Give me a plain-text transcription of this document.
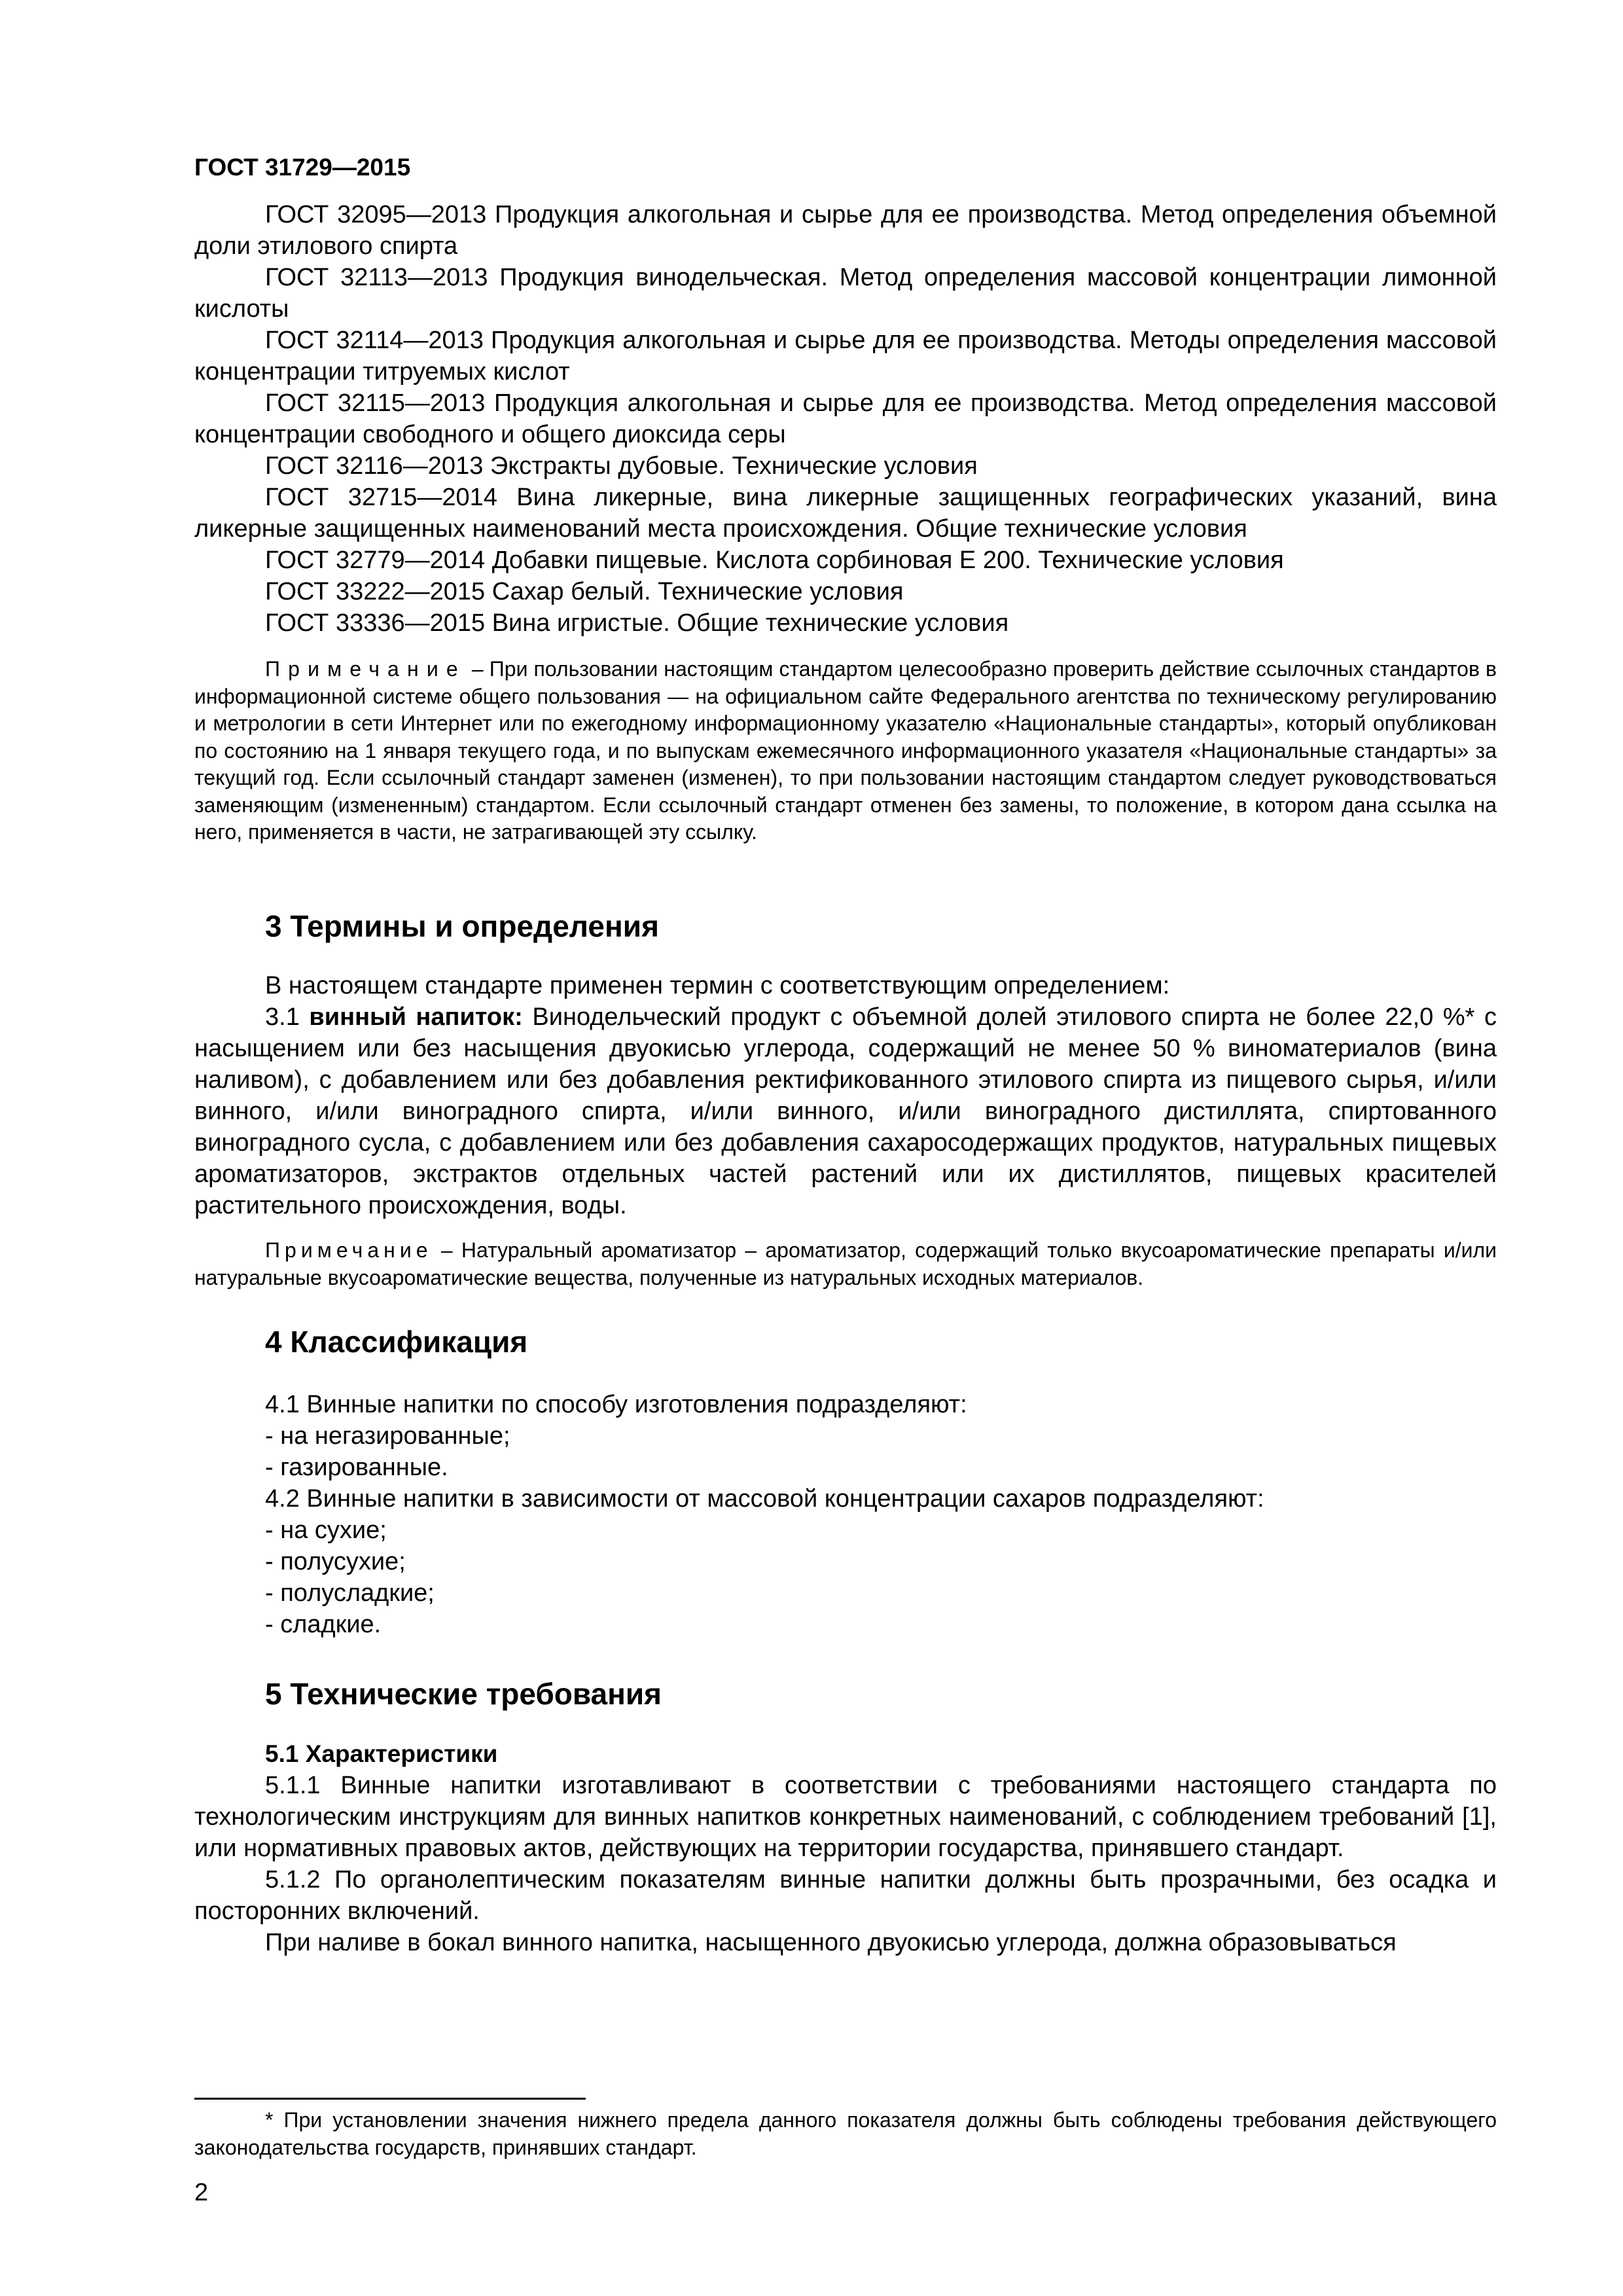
ГОСТ 31729—2015

ГОСТ 32095—2013 Продукция алкогольная и сырье для ее производства. Метод определения объемной доли этилового спирта

ГОСТ 32113—2013 Продукция винодельческая. Метод определения массовой концентрации лимонной кислоты

ГОСТ 32114—2013 Продукция алкогольная и сырье для ее производства. Методы определения массовой концентрации титруемых кислот

ГОСТ 32115—2013 Продукция алкогольная и сырье для ее производства. Метод определения массовой концентрации свободного и общего диоксида серы

ГОСТ 32116—2013 Экстракты дубовые. Технические условия

ГОСТ 32715—2014 Вина ликерные, вина ликерные защищенных географических указаний, вина ликерные защищенных наименований места происхождения. Общие технические условия

ГОСТ 32779—2014 Добавки пищевые. Кислота сорбиновая Е 200. Технические условия

ГОСТ 33222—2015 Сахар белый. Технические условия

ГОСТ 33336—2015 Вина игристые. Общие технические условия

Примечание – При пользовании настоящим стандартом целесообразно проверить действие ссылочных стандартов в информационной системе общего пользования — на официальном сайте Федерального агентства по техническому регулированию и метрологии в сети Интернет или по ежегодному информационному указателю «Национальные стандарты», который опубликован по состоянию на 1 января текущего года, и по выпускам ежемесячного информационного указателя «Национальные стандарты» за текущий год. Если ссылочный стандарт заменен (изменен), то при пользовании настоящим стандартом следует руководствоваться заменяющим (измененным) стандартом. Если ссылочный стандарт отменен без замены, то положение, в котором дана ссылка на него, применяется в части, не затрагивающей эту ссылку.

3 Термины и определения

В настоящем стандарте применен термин с соответствующим определением:

3.1 винный напиток: Винодельческий продукт с объемной долей этилового спирта не более 22,0 %* с насыщением или без насыщения двуокисью углерода, содержащий не менее 50 % виноматериалов (вина наливом), с добавлением или без добавления ректификованного этилового спирта из пищевого сырья, и/или винного, и/или виноградного спирта, и/или винного, и/или виноградного дистиллята, спиртованного виноградного сусла, с добавлением или без добавления сахаросодержащих продуктов, натуральных пищевых ароматизаторов, экстрактов отдельных частей растений или их дистиллятов, пищевых красителей растительного происхождения, воды.

Примечание – Натуральный ароматизатор – ароматизатор, содержащий только вкусоароматические препараты и/или натуральные вкусоароматические вещества, полученные из натуральных исходных материалов.

4 Классификация

4.1 Винные напитки по способу изготовления подразделяют:

- на негазированные;

- газированные.

4.2 Винные напитки в зависимости от массовой концентрации сахаров подразделяют:

- на сухие;

- полусухие;

- полусладкие;

- сладкие.

5 Технические требования
5.1 Характеристики

5.1.1 Винные напитки изготавливают в соответствии с требованиями настоящего стандарта по технологическим инструкциям для винных напитков конкретных наименований, с соблюдением требований [1], или нормативных правовых актов, действующих на территории государства, принявшего стандарт.

5.1.2 По органолептическим показателям винные напитки должны быть прозрачными, без осадка и посторонних включений.

При наливе в бокал винного напитка, насыщенного двуокисью углерода, должна образовываться

* При установлении значения нижнего предела данного показателя должны быть соблюдены требования действующего законодательства государств, принявших стандарт.

2
